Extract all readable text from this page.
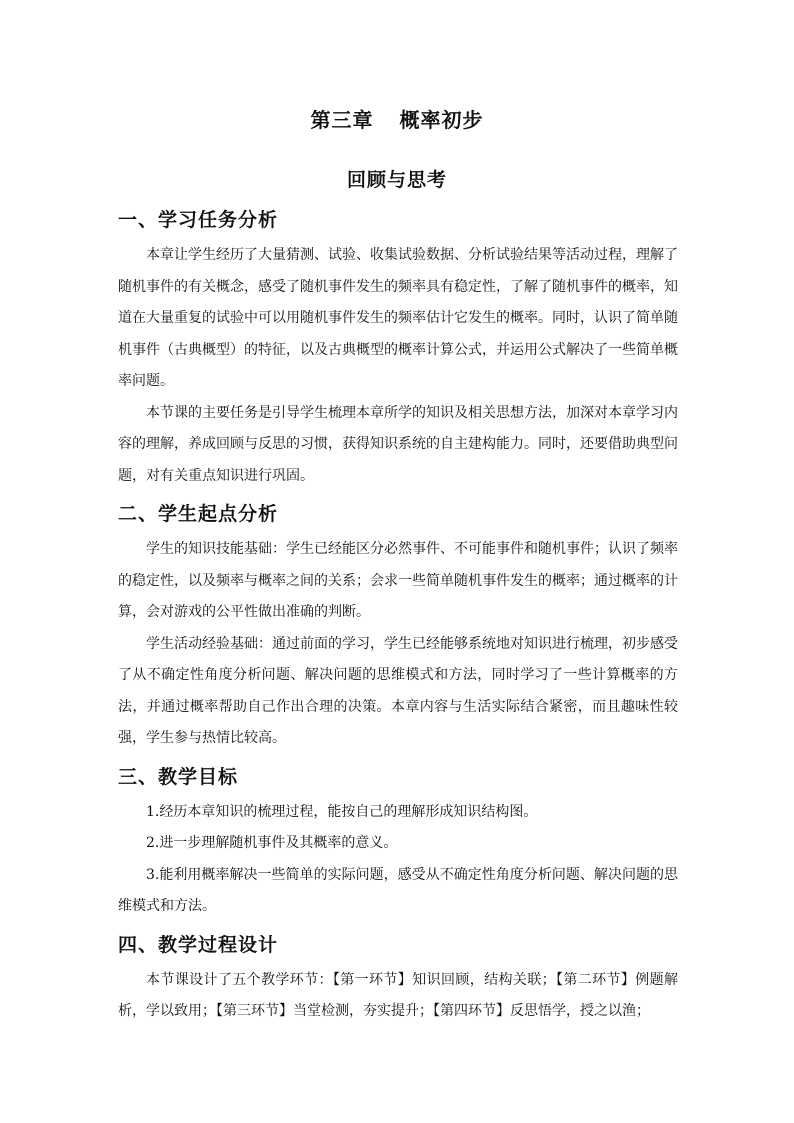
第三章 概率初步
回顾与思考
一、学习任务分析

本章让学生经历了大量猜测、试验、收集试验数据、分析试验结果等活动过程，理解了随机事件的有关概念，感受了随机事件发生的频率具有稳定性，了解了随机事件的概率，知道在大量重复的试验中可以用随机事件发生的频率估计它发生的概率。同时，认识了简单随机事件（古典概型）的特征，以及古典概型的概率计算公式，并运用公式解决了一些简单概率问题。

本节课的主要任务是引导学生梳理本章所学的知识及相关思想方法，加深对本章学习内容的理解，养成回顾与反思的习惯，获得知识系统的自主建构能力。同时，还要借助典型问题，对有关重点知识进行巩固。

二、学生起点分析

学生的知识技能基础：学生已经能区分必然事件、不可能事件和随机事件；认识了频率的稳定性，以及频率与概率之间的关系；会求一些简单随机事件发生的概率；通过概率的计算，会对游戏的公平性做出准确的判断。

学生活动经验基础：通过前面的学习，学生已经能够系统地对知识进行梳理，初步感受了从不确定性角度分析问题、解决问题的思维模式和方法，同时学习了一些计算概率的方法，并通过概率帮助自己作出合理的决策。本章内容与生活实际结合紧密，而且趣味性较强，学生参与热情比较高。

三、教学目标

1.经历本章知识的梳理过程，能按自己的理解形成知识结构图。

2.进一步理解随机事件及其概率的意义。

3.能利用概率解决一些简单的实际问题，感受从不确定性角度分析问题、解决问题的思维模式和方法。

四、教学过程设计

本节课设计了五个教学环节：【第一环节】知识回顾，结构关联；【第二环节】例题解析，学以致用；【第三环节】当堂检测，夯实提升；【第四环节】反思悟学，授之以渔；
